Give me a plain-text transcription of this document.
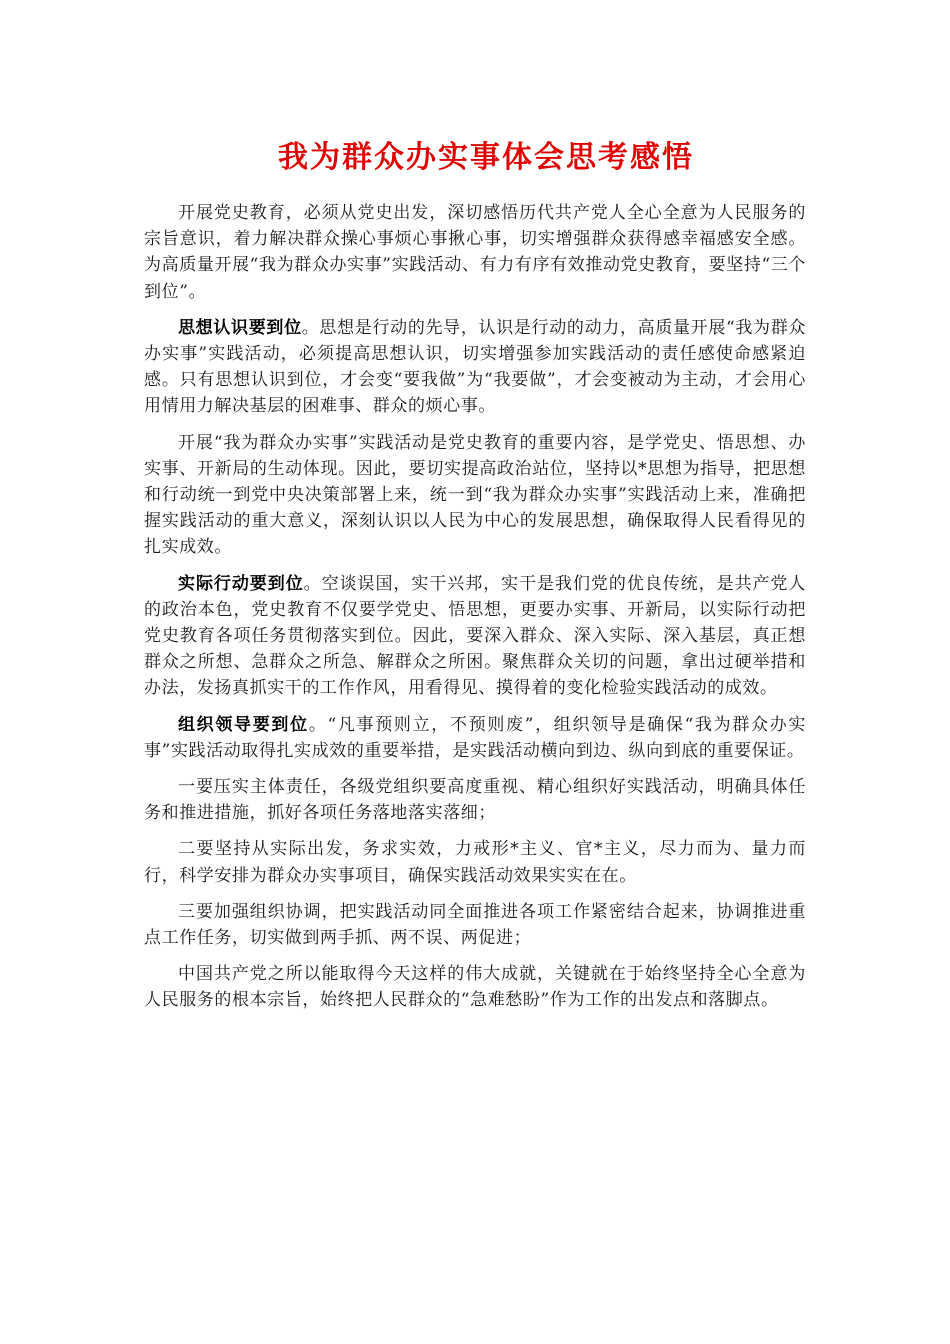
我为群众办实事体会思考感悟

开展党史教育，必须从党史出发，深切感悟历代共产党人全心全意为人民服务的宗旨意识，着力解决群众操心事烦心事揪心事，切实增强群众获得感幸福感安全感。为高质量开展“我为群众办实事”实践活动、有力有序有效推动党史教育，要坚持“三个到位”。

思想认识要到位。思想是行动的先导，认识是行动的动力，高质量开展“我为群众办实事”实践活动，必须提高思想认识，切实增强参加实践活动的责任感使命感紧迫感。只有思想认识到位，才会变“要我做”为“我要做”，才会变被动为主动，才会用心用情用力解决基层的困难事、群众的烦心事。

开展“我为群众办实事”实践活动是党史教育的重要内容，是学党史、悟思想、办实事、开新局的生动体现。因此，要切实提高政治站位，坚持以*思想为指导，把思想和行动统一到党中央决策部署上来，统一到“我为群众办实事”实践活动上来，准确把握实践活动的重大意义，深刻认识以人民为中心的发展思想，确保取得人民看得见的扎实成效。

实际行动要到位。空谈误国，实干兴邦，实干是我们党的优良传统，是共产党人的政治本色，党史教育不仅要学党史、悟思想，更要办实事、开新局，以实际行动把党史教育各项任务贯彻落实到位。因此，要深入群众、深入实际、深入基层，真正想群众之所想、急群众之所急、解群众之所困。聚焦群众关切的问题，拿出过硬举措和办法，发扬真抓实干的工作作风，用看得见、摸得着的变化检验实践活动的成效。

组织领导要到位。“凡事预则立，不预则废”，组织领导是确保“我为群众办实事”实践活动取得扎实成效的重要举措，是实践活动横向到边、纵向到底的重要保证。

一要压实主体责任，各级党组织要高度重视、精心组织好实践活动，明确具体任务和推进措施，抓好各项任务落地落实落细；

二要坚持从实际出发，务求实效，力戒形*主义、官*主义，尽力而为、量力而行，科学安排为群众办实事项目，确保实践活动效果实实在在。

三要加强组织协调，把实践活动同全面推进各项工作紧密结合起来，协调推进重点工作任务，切实做到两手抓、两不误、两促进；

中国共产党之所以能取得今天这样的伟大成就，关键就在于始终坚持全心全意为人民服务的根本宗旨，始终把人民群众的“急难愁盼”作为工作的出发点和落脚点。
